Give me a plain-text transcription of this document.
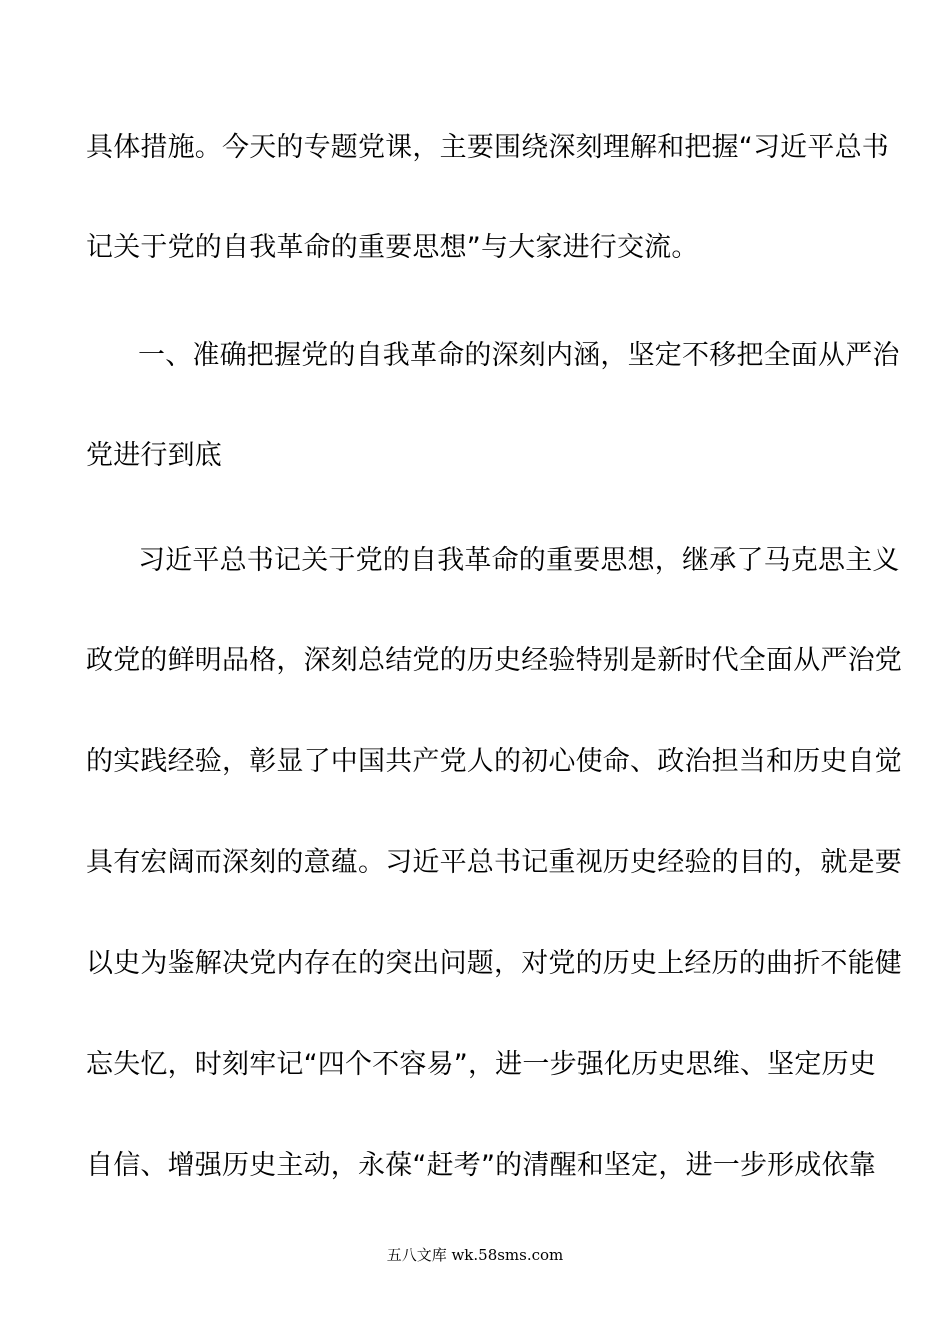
具体措施。今天的专题党课，主要围绕深刻理解和把握“习近平总书
记关于党的自我革命的重要思想”与大家进行交流。
一、准确把握党的自我革命的深刻内涵，坚定不移把全面从严治
党进行到底
习近平总书记关于党的自我革命的重要思想，继承了马克思主义
政党的鲜明品格，深刻总结党的历史经验特别是新时代全面从严治党
的实践经验，彰显了中国共产党人的初心使命、政治担当和历史自觉
具有宏阔而深刻的意蕴。习近平总书记重视历史经验的目的，就是要
以史为鉴解决党内存在的突出问题，对党的历史上经历的曲折不能健
忘失忆，时刻牢记“四个不容易”，进一步强化历史思维、坚定历史
自信、增强历史主动，永葆“赶考”的清醒和坚定，进一步形成依靠
五八文库 wk.58sms.com
